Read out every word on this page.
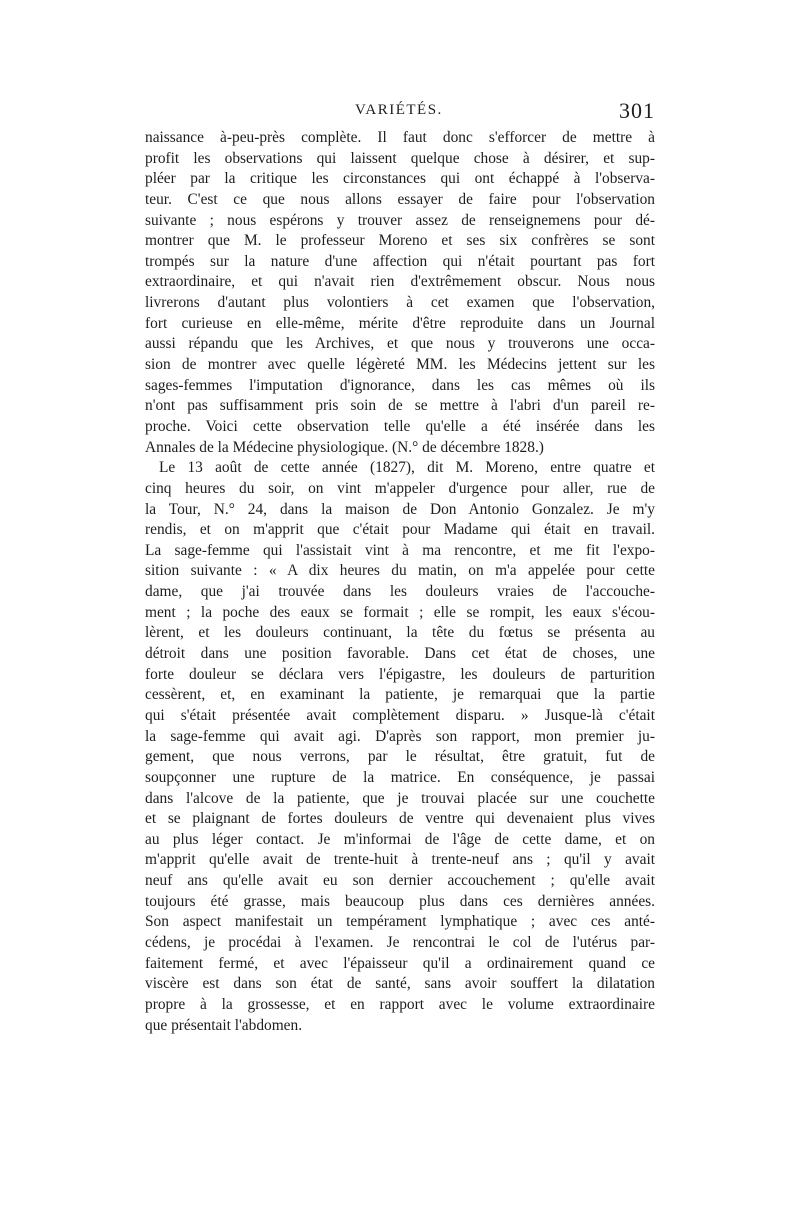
VARIÉTÉS.	301
naissance à-peu-près complète. Il faut donc s'efforcer de mettre à
profit les observations qui laissent quelque chose à désirer, et sup-
pléer par la critique les circonstances qui ont échappé à l'observa-
teur. C'est ce que nous allons essayer de faire pour l'observation
suivante ; nous espérons y trouver assez de renseignemens pour dé-
montrer que M. le professeur Moreno et ses six confrères se sont
trompés sur la nature d'une affection qui n'était pourtant pas fort
extraordinaire, et qui n'avait rien d'extrêmement obscur. Nous nous
livrerons d'autant plus volontiers à cet examen que l'observation,
fort curieuse en elle-même, mérite d'être reproduite dans un Journal
aussi répandu que les Archives, et que nous y trouverons une occa-
sion de montrer avec quelle légèreté MM. les Médecins jettent sur les
sages-femmes l'imputation d'ignorance, dans les cas mêmes où ils
n'ont pas suffisamment pris soin de se mettre à l'abri d'un pareil re-
proche. Voici cette observation telle qu'elle a été insérée dans les
Annales de la Médecine physiologique. (N.° de décembre 1828.)
Le 13 août de cette année (1827), dit M. Moreno, entre quatre et
cinq heures du soir, on vint m'appeler d'urgence pour aller, rue de
la Tour, N.° 24, dans la maison de Don Antonio Gonzalez. Je m'y
rendis, et on m'apprit que c'était pour Madame qui était en travail.
La sage-femme qui l'assistait vint à ma rencontre, et me fit l'expo-
sition suivante : « A dix heures du matin, on m'a appelée pour cette
dame, que j'ai trouvée dans les douleurs vraies de l'accouche-
ment ; la poche des eaux se formait ; elle se rompit, les eaux s'écou-
lèrent, et les douleurs continuant, la tête du fœtus se présenta au
détroit dans une position favorable. Dans cet état de choses, une
forte douleur se déclara vers l'épigastre, les douleurs de parturition
cessèrent, et, en examinant la patiente, je remarquai que la partie
qui s'était présentée avait complètement disparu. » Jusque-là c'était
la sage-femme qui avait agi. D'après son rapport, mon premier ju-
gement, que nous verrons, par le résultat, être gratuit, fut de
soupçonner une rupture de la matrice. En conséquence, je passai
dans l'alcove de la patiente, que je trouvai placée sur une couchette
et se plaignant de fortes douleurs de ventre qui devenaient plus vives
au plus léger contact. Je m'informai de l'âge de cette dame, et on
m'apprit qu'elle avait de trente-huit à trente-neuf ans ; qu'il y avait
neuf ans qu'elle avait eu son dernier accouchement ; qu'elle avait
toujours été grasse, mais beaucoup plus dans ces dernières années.
Son aspect manifestait un tempérament lymphatique ; avec ces anté-
cédens, je procédai à l'examen. Je rencontrai le col de l'utérus par-
faitement fermé, et avec l'épaisseur qu'il a ordinairement quand ce
viscère est dans son état de santé, sans avoir souffert la dilatation
propre à la grossesse, et en rapport avec le volume extraordinaire
que présentait l'abdomen.
